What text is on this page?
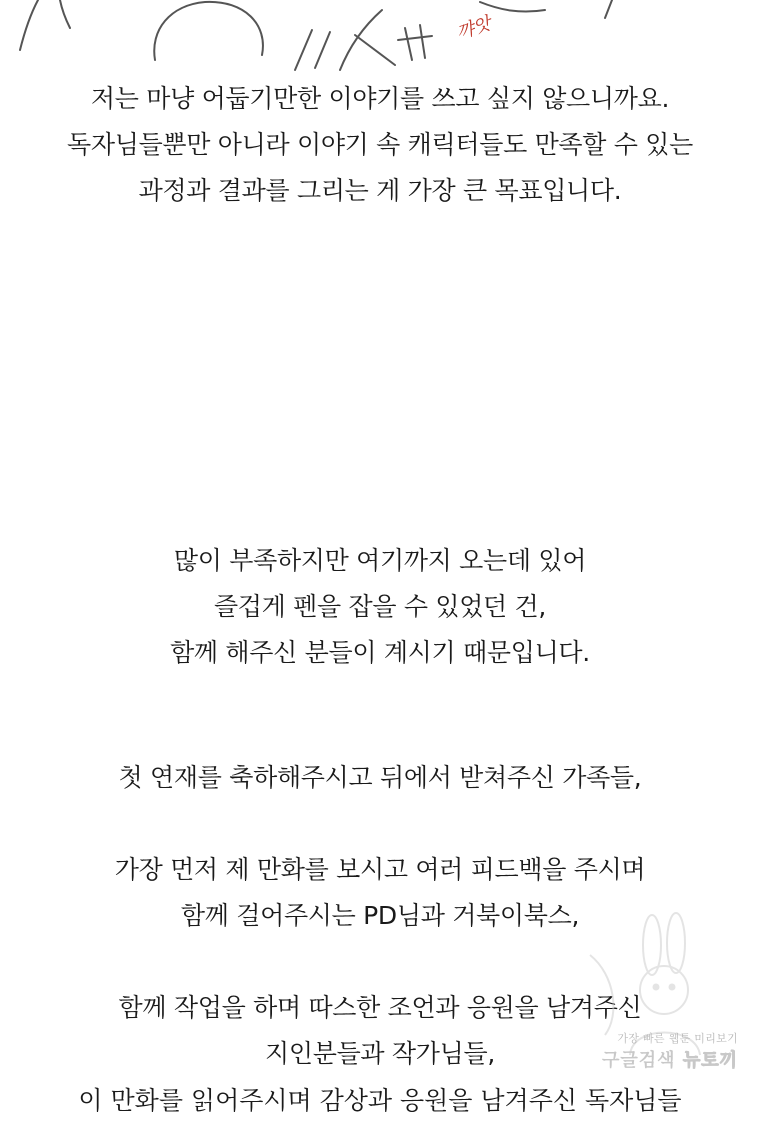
꺄앗
저는 마냥 어둡기만한 이야기를 쓰고 싶지 않으니까요.
독자님들뿐만 아니라 이야기 속 캐릭터들도 만족할 수 있는
과정과 결과를 그리는 게 가장 큰 목표입니다.
많이 부족하지만 여기까지 오는데 있어
즐겁게 펜을 잡을 수 있었던 건,
함께 해주신 분들이 계시기 때문입니다.
첫 연재를 축하해주시고 뒤에서 받쳐주신 가족들,
가장 먼저 제 만화를 보시고 여러 피드백을 주시며
함께 걸어주시는 PD님과 거북이북스,
함께 작업을 하며 따스한 조언과 응원을 남겨주신
지인분들과 작가님들,
이 만화를 읽어주시며 감상과 응원을 남겨주신 독자님들
가장 빠른 웹툰 미리보기
구글검색 뉴토끼
